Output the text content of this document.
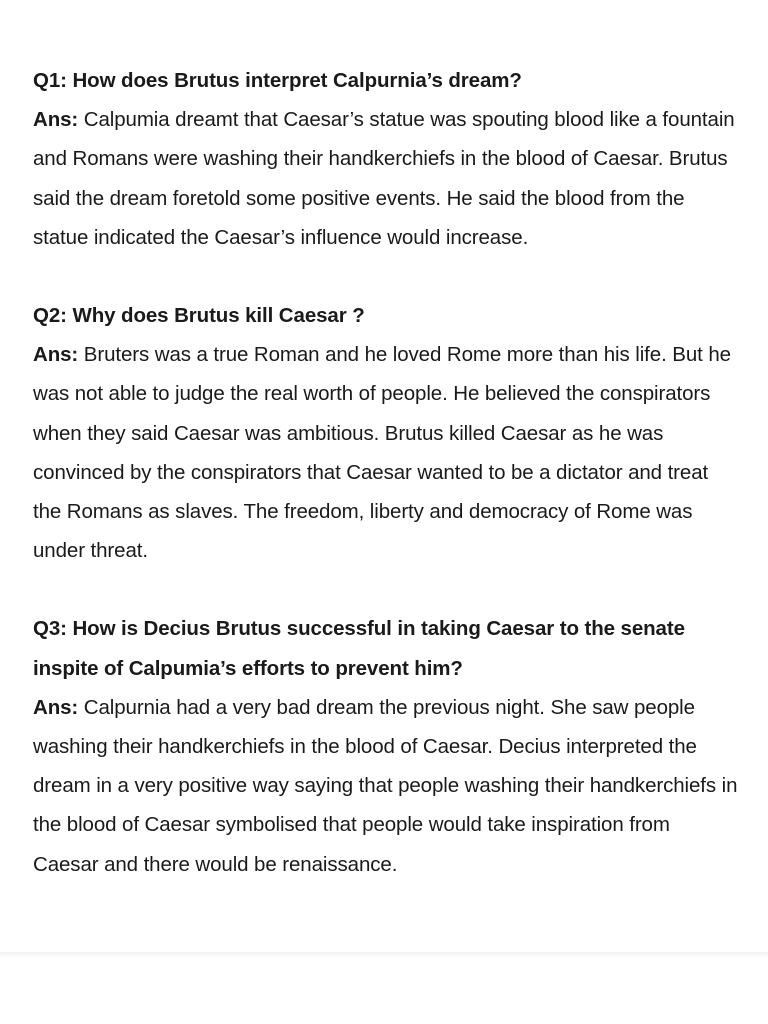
Q1: How does Brutus interpret Calpurnia’s dream?
Ans: Calpumia dreamt that Caesar’s statue was spouting blood like a fountain and Romans were washing their handkerchiefs in the blood of Caesar. Brutus said the dream foretold some positive events. He said the blood from the statue indicated the Caesar’s influence would increase.
Q2: Why does Brutus kill Caesar ?
Ans: Bruters was a true Roman and he loved Rome more than his life. But he was not able to judge the real worth of people. He believed the conspirators when they said Caesar was ambitious. Brutus killed Caesar as he was convinced by the conspirators that Caesar wanted to be a dictator and treat the Romans as slaves. The freedom, liberty and democracy of Rome was under threat.
Q3: How is Decius Brutus successful in taking Caesar to the senate inspite of Calpumia’s efforts to prevent him?
Ans: Calpurnia had a very bad dream the previous night. She saw people washing their handkerchiefs in the blood of Caesar. Decius interpreted the dream in a very positive way saying that people washing their handkerchiefs in the blood of Caesar symbolised that people would take inspiration from Caesar and there would be renaissance.
